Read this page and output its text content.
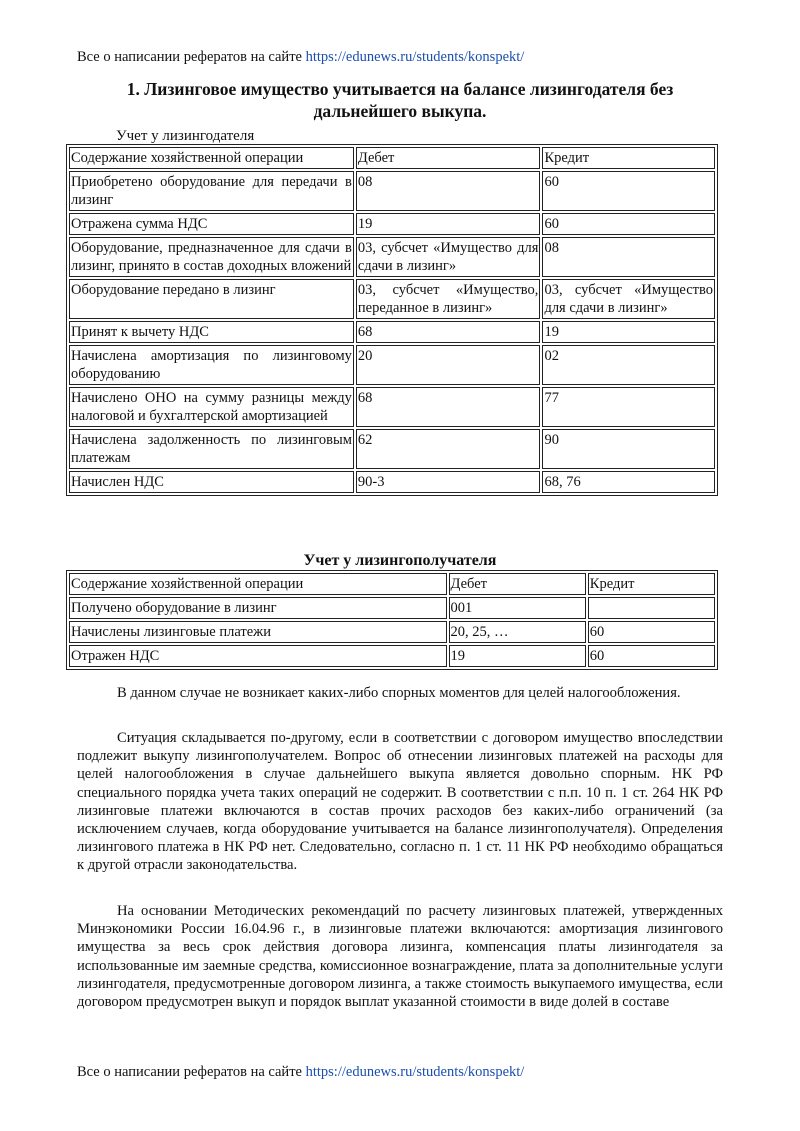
Все о написании рефератов на сайте https://edunews.ru/students/konspekt/
1. Лизинговое имущество учитывается на балансе лизингодателя без дальнейшего выкупа.
Учет у лизингодателя
Содержание хозяйственной операции	Дебет	Кредит
Приобретено оборудование для передачи в лизинг	08	60
Отражена сумма НДС	19	60
Оборудование, предназначенное для сдачи в лизинг, принято в состав доходных вложений	03, субсчет «Имущество для сдачи в лизинг»	08
Оборудование передано в лизинг	03, субсчет «Имущество, переданное в лизинг»	03, субсчет «Имущество для сдачи в лизинг»
Принят к вычету НДС	68	19
Начислена амортизация по лизинговому оборудованию	20	02
Начислено ОНО на сумму разницы между налоговой и бухгалтерской амортизацией	68	77
Начислена задолженность по лизинговым платежам	62	90
Начислен НДС	90-3	68, 76
Учет у лизингополучателя
Содержание хозяйственной операции	Дебет	Кредит
Получено оборудование в лизинг	001	
Начислены лизинговые платежи	20, 25, …	60
Отражен НДС	19	60

В данном случае не возникает каких-либо спорных моментов для целей налогообложения.

Ситуация складывается по-другому, если в соответствии с договором имущество впоследствии подлежит выкупу лизингополучателем. Вопрос об отнесении лизинговых платежей на расходы для целей налогообложения в случае дальнейшего выкупа является довольно спорным. НК РФ специального порядка учета таких операций не содержит. В соответствии с п.п. 10 п. 1 ст. 264 НК РФ лизинговые платежи включаются в состав прочих расходов без каких-либо ограничений (за исключением случаев, когда оборудование учитывается на балансе лизингополучателя). Определения лизингового платежа в НК РФ нет. Следовательно, согласно п. 1 ст. 11 НК РФ необходимо обращаться к другой отрасли законодательства.

На основании Методических рекомендаций по расчету лизинговых платежей, утвержденных Минэкономики России 16.04.96 г., в лизинговые платежи включаются: амортизация лизингового имущества за весь срок действия договора лизинга, компенсация платы лизингодателя за использованные им заемные средства, комиссионное вознаграждение, плата за дополнительные услуги лизингодателя, предусмотренные договором лизинга, а также стоимость выкупаемого имущества, если договором предусмотрен выкуп и порядок выплат указанной стоимости в виде долей в составе

Все о написании рефератов на сайте https://edunews.ru/students/konspekt/
